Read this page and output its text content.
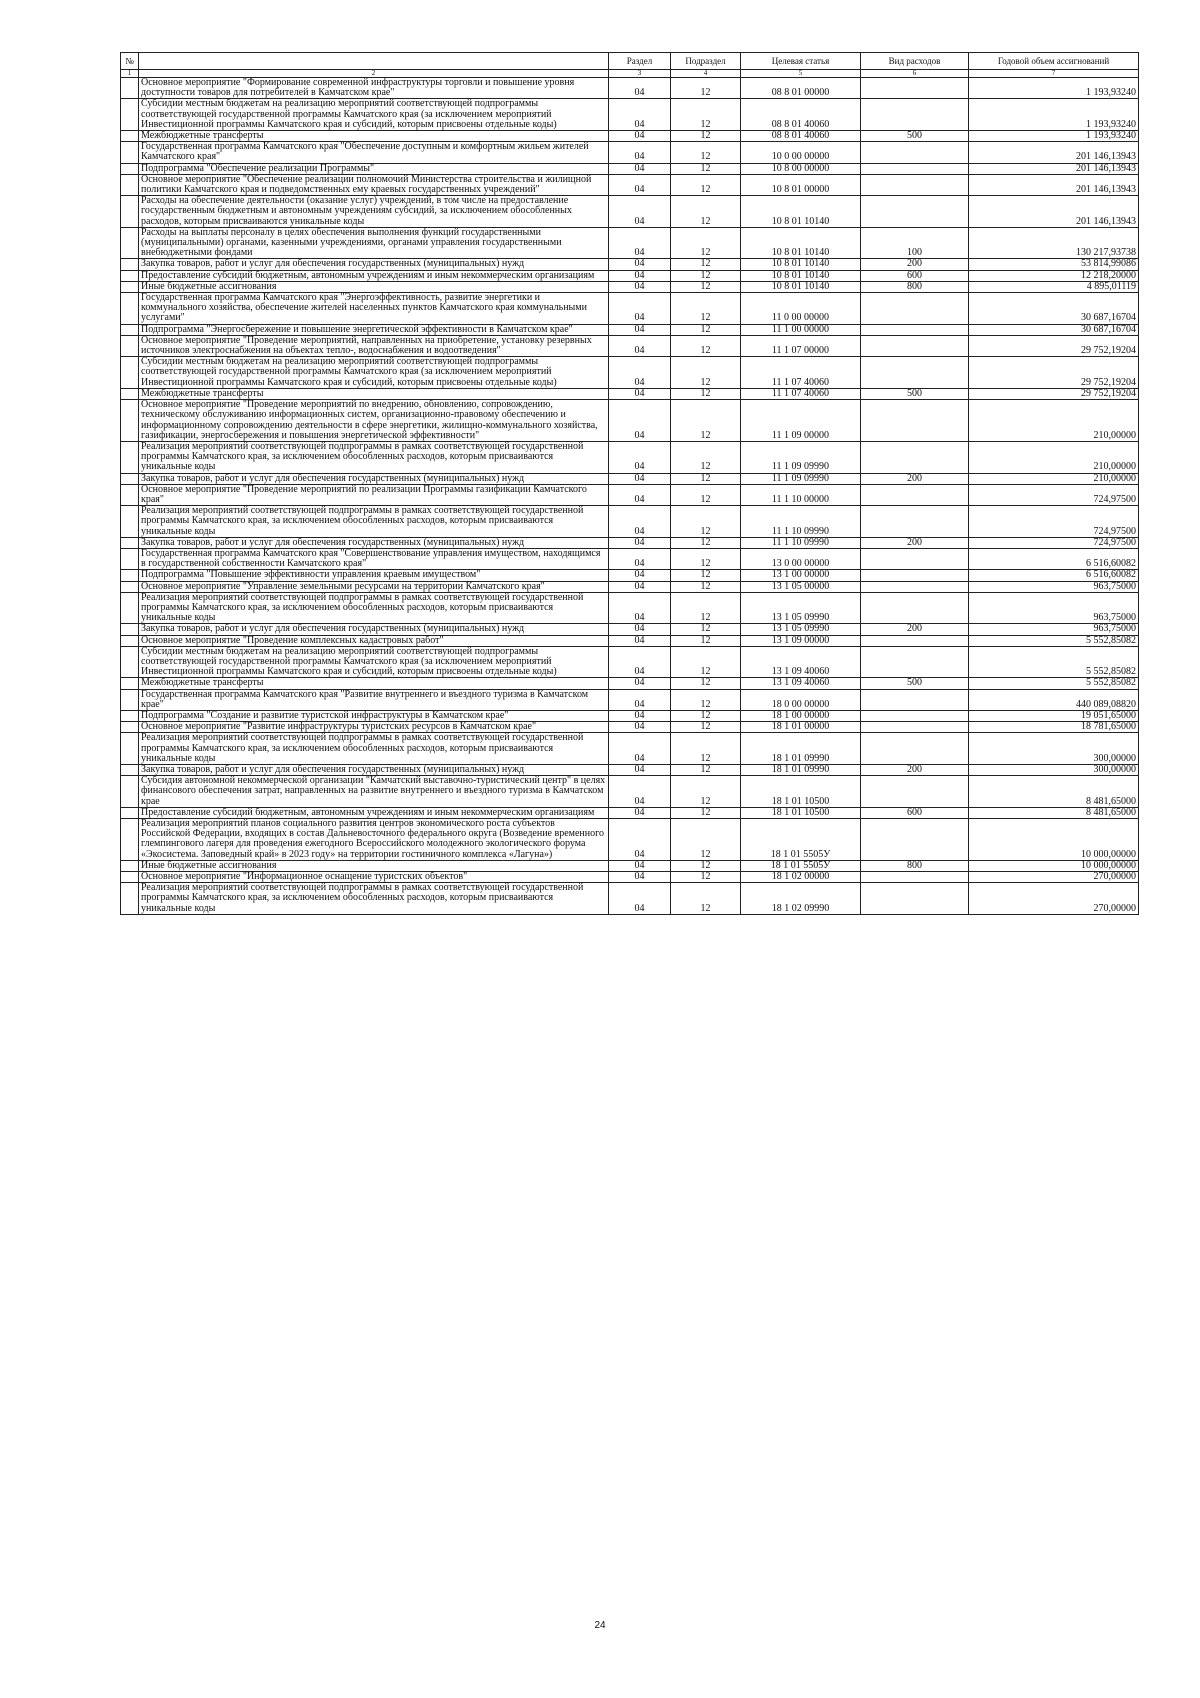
№		Раздел	Подраздел	Целевая статья	Вид расходов	Годовой объем ассигнований
1	2	3	4	5	6	7
	Основное мероприятие "Формирование современной инфраструктуры торговли и повышение уровня доступности товаров для потребителей в Камчатском крае"	04	12	08 8 01 00000		1 193,93240
	Субсидии местным бюджетам на реализацию мероприятий соответствующей подпрограммы соответствующей государственной программы Камчатского края (за исключением мероприятий Инвестиционной программы Камчатского края и субсидий, которым присвоены отдельные коды)	04	12	08 8 01 40060		1 193,93240
	Межбюджетные трансферты	04	12	08 8 01 40060	500	1 193,93240
	Государственная программа Камчатского края "Обеспечение доступным и комфортным жильем жителей Камчатского края"	04	12	10 0 00 00000		201 146,13943
	Подпрограмма "Обеспечение реализации Программы"	04	12	10 8 00 00000		201 146,13943
	Основное мероприятие "Обеспечение реализации полномочий Министерства строительства и жилищной политики Камчатского края и подведомственных ему краевых государственных учреждений"	04	12	10 8 01 00000		201 146,13943
	Расходы на обеспечение деятельности (оказание услуг) учреждений, в том числе на предоставление государственным бюджетным и автономным учреждениям субсидий, за исключением обособленных расходов, которым присваиваются уникальные коды	04	12	10 8 01 10140		201 146,13943
	Расходы на выплаты персоналу в целях обеспечения выполнения функций государственными (муниципальными) органами, казенными учреждениями, органами управления государственными внебюджетными фондами	04	12	10 8 01 10140	100	130 217,93738
	Закупка товаров, работ и услуг для обеспечения государственных (муниципальных) нужд	04	12	10 8 01 10140	200	53 814,99086
	Предоставление субсидий бюджетным, автономным учреждениям и иным некоммерческим организациям	04	12	10 8 01 10140	600	12 218,20000
	Иные бюджетные ассигнования	04	12	10 8 01 10140	800	4 895,01119
	Государственная программа Камчатского края "Энергоэффективность, развитие энергетики и коммунального хозяйства, обеспечение жителей населенных пунктов Камчатского края коммунальными услугами"	04	12	11 0 00 00000		30 687,16704
	Подпрограмма "Энергосбережение и повышение энергетической эффективности в Камчатском крае"	04	12	11 1 00 00000		30 687,16704
	Основное мероприятие "Проведение мероприятий, направленных на приобретение, установку резервных источников электроснабжения на объектах тепло-, водоснабжения и водоотведения"	04	12	11 1 07 00000		29 752,19204
	Субсидии местным бюджетам на реализацию мероприятий соответствующей подпрограммы соответствующей государственной программы Камчатского края (за исключением мероприятий Инвестиционной программы Камчатского края и субсидий, которым присвоены отдельные коды)	04	12	11 1 07 40060		29 752,19204
	Межбюджетные трансферты	04	12	11 1 07 40060	500	29 752,19204
	Основное мероприятие "Проведение мероприятий по внедрению, обновлению, сопровождению, техническому обслуживанию информационных систем, организационно-правовому обеспечению и информационному сопровождению деятельности в сфере энергетики, жилищно-коммунального хозяйства, газификации, энергосбережения и повышения энергетической эффективности"	04	12	11 1 09 00000		210,00000
	Реализация мероприятий соответствующей подпрограммы в рамках соответствующей государственной программы Камчатского края, за исключением обособленных расходов, которым присваиваются уникальные коды	04	12	11 1 09 09990		210,00000
	Закупка товаров, работ и услуг для обеспечения государственных (муниципальных) нужд	04	12	11 1 09 09990	200	210,00000
	Основное мероприятие "Проведение мероприятий по реализации Программы газификации Камчатского края"	04	12	11 1 10 00000		724,97500
	Реализация мероприятий соответствующей подпрограммы в рамках соответствующей государственной программы Камчатского края, за исключением обособленных расходов, которым присваиваются уникальные коды	04	12	11 1 10 09990		724,97500
	Закупка товаров, работ и услуг для обеспечения государственных (муниципальных) нужд	04	12	11 1 10 09990	200	724,97500
	Государственная программа Камчатского края "Совершенствование управления имуществом, находящимся в государственной собственности Камчатского края"	04	12	13 0 00 00000		6 516,60082
	Подпрограмма "Повышение эффективности управления краевым имуществом"	04	12	13 1 00 00000		6 516,60082
	Основное мероприятие "Управление земельными ресурсами на территории Камчатского края"	04	12	13 1 05 00000		963,75000
	Реализация мероприятий соответствующей подпрограммы в рамках соответствующей государственной программы Камчатского края, за исключением обособленных расходов, которым присваиваются уникальные коды	04	12	13 1 05 09990		963,75000
	Закупка товаров, работ и услуг для обеспечения государственных (муниципальных) нужд	04	12	13 1 05 09990	200	963,75000
	Основное мероприятие "Проведение комплексных кадастровых работ"	04	12	13 1 09 00000		5 552,85082
	Субсидии местным бюджетам на реализацию мероприятий соответствующей подпрограммы соответствующей государственной программы Камчатского края (за исключением мероприятий Инвестиционной программы Камчатского края и субсидий, которым присвоены отдельные коды)	04	12	13 1 09 40060		5 552,85082
	Межбюджетные трансферты	04	12	13 1 09 40060	500	5 552,85082
	Государственная программа Камчатского края "Развитие внутреннего и въездного туризма в Камчатском крае"	04	12	18 0 00 00000		440 089,08820
	Подпрограмма "Создание и развитие туристской инфраструктуры в Камчатском крае"	04	12	18 1 00 00000		19 051,65000
	Основное мероприятие "Развитие инфраструктуры туристских ресурсов в Камчатском крае"	04	12	18 1 01 00000		18 781,65000
	Реализация мероприятий соответствующей подпрограммы в рамках соответствующей государственной программы Камчатского края, за исключением обособленных расходов, которым присваиваются уникальные коды	04	12	18 1 01 09990		300,00000
	Закупка товаров, работ и услуг для обеспечения государственных (муниципальных) нужд	04	12	18 1 01 09990	200	300,00000
	Субсидия автономной некоммерческой организации "Камчатский выставочно-туристический центр" в целях финансового обеспечения затрат, направленных на развитие внутреннего и въездного туризма в Камчатском крае	04	12	18 1 01 10500		8 481,65000
	Предоставление субсидий бюджетным, автономным учреждениям и иным некоммерческим организациям	04	12	18 1 01 10500	600	8 481,65000
	Реализация мероприятий планов социального развития центров экономического роста субъектов Российской Федерации, входящих в состав Дальневосточного федерального округа (Возведение временного глемпингового лагеря для проведения ежегодного Всероссийского молодежного экологического форума «Экосистема. Заповедный край» в 2023 году» на территории гостиничного комплекса «Лагуна»)	04	12	18 1 01 5505У		10 000,00000
	Иные бюджетные ассигнования	04	12	18 1 01 5505У	800	10 000,00000
	Основное мероприятие "Информационное оснащение туристских объектов"	04	12	18 1 02 00000		270,00000
	Реализация мероприятий соответствующей подпрограммы в рамках соответствующей государственной программы Камчатского края, за исключением обособленных расходов, которым присваиваются уникальные коды	04	12	18 1 02 09990		270,00000
24
